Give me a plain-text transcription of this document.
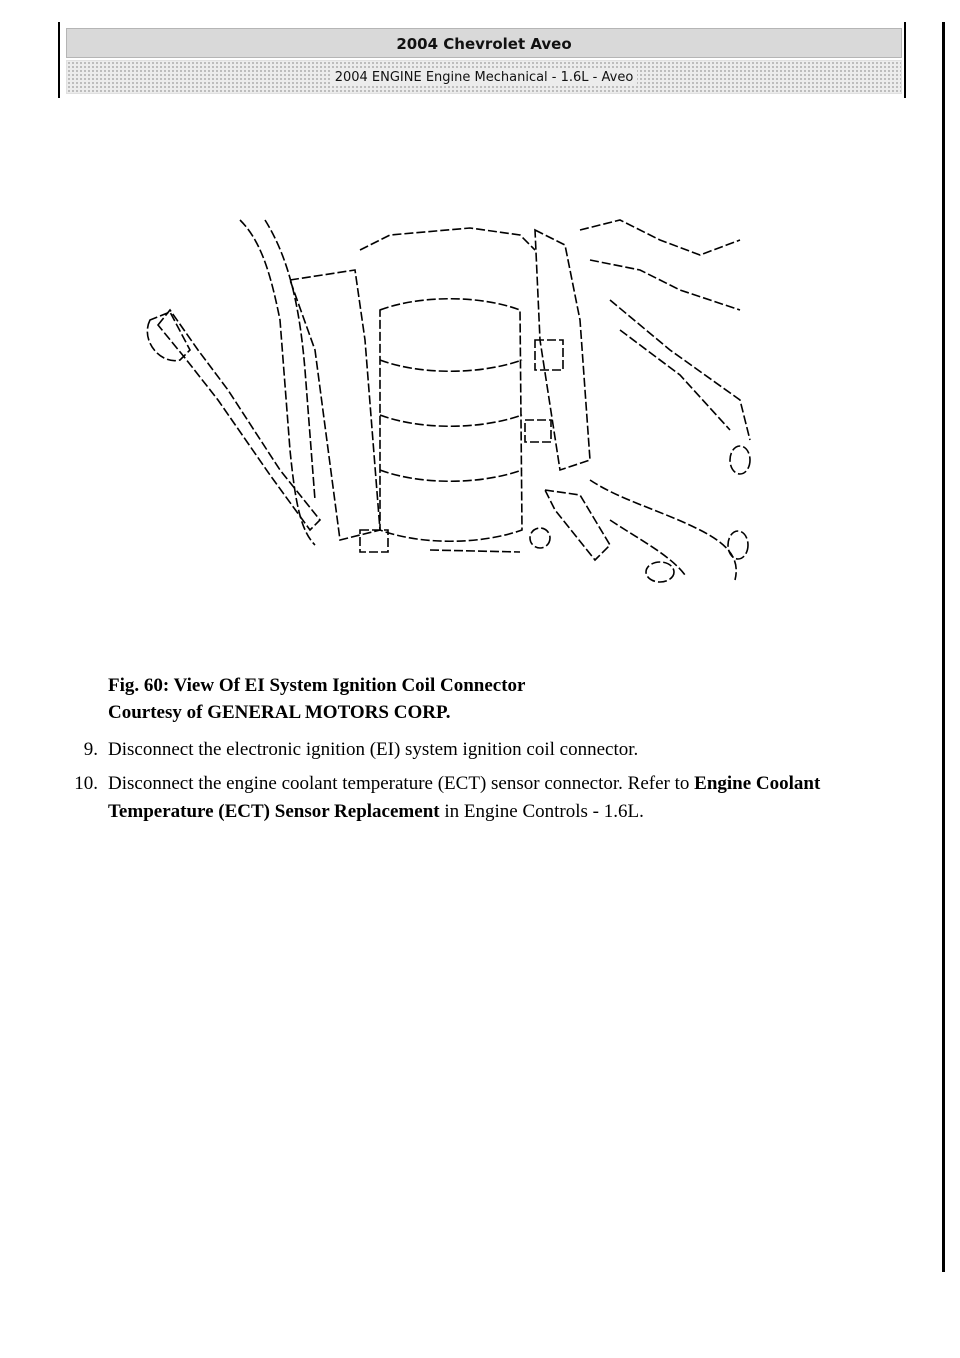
2004 Chevrolet Aveo
2004 ENGINE Engine Mechanical - 1.6L - Aveo
Fig. 60: View Of EI System Ignition Coil Connector
Courtesy of GENERAL MOTORS CORP.
9. Disconnect the electronic ignition (EI) system ignition coil connector.
10. Disconnect the engine coolant temperature (ECT) sensor connector. Refer to Engine Coolant Temperature (ECT) Sensor Replacement in Engine Controls - 1.6L.
